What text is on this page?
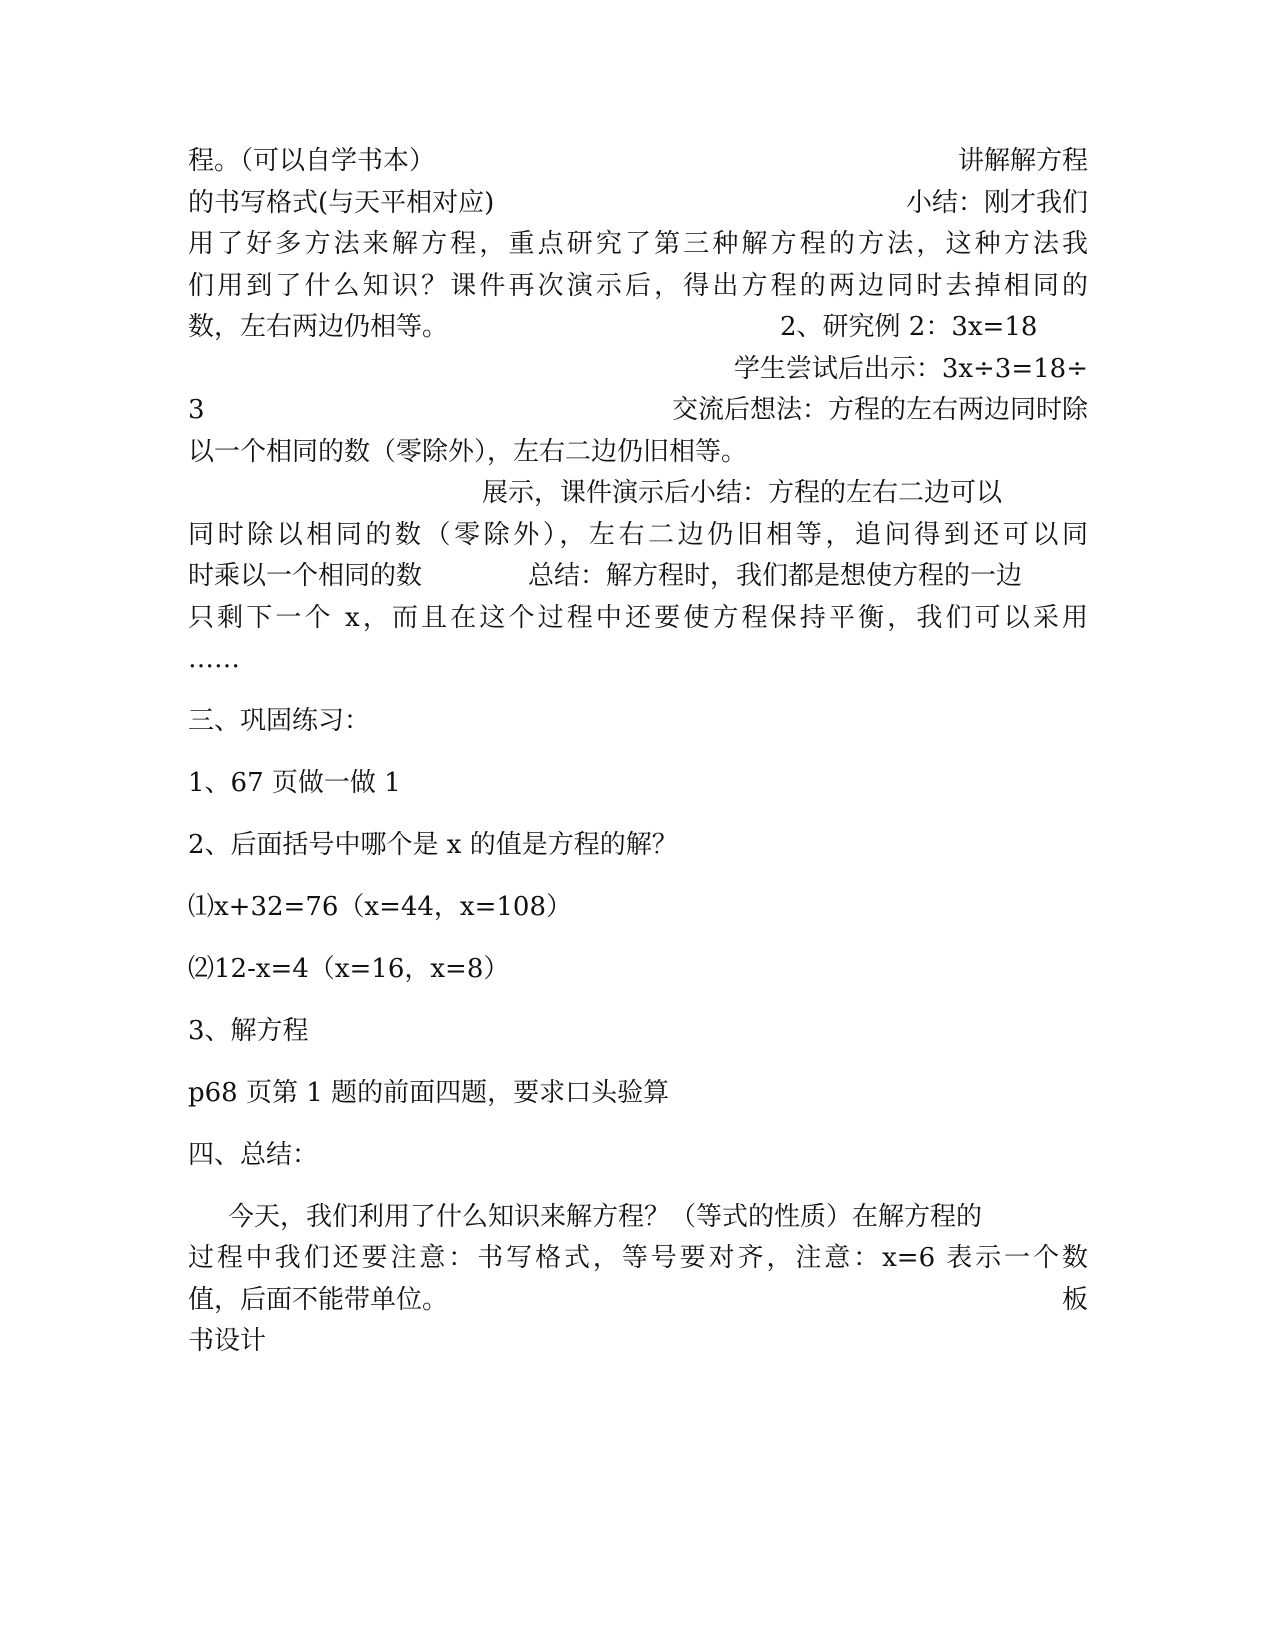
程。（可以自学书本）	讲解解方程
的书写格式(与天平相对应)	小结：刚才我们
用了好多方法来解方程，重点研究了第三种解方程的方法，这种方法我
们用到了什么知识？课件再次演示后，得出方程的两边同时去掉相同的
数，左右两边仍相等。	2、研究例 2：3x=18
学生尝试后出示：3x÷3=18÷
3	交流后想法：方程的左右两边同时除
以一个相同的数（零除外），左右二边仍旧相等。
展示，课件演示后小结：方程的左右二边可以
同时除以相同的数（零除外），左右二边仍旧相等，追问得到还可以同
时乘以一个相同的数	总结：解方程时，我们都是想使方程的一边
只剩下一个 x，而且在这个过程中还要使方程保持平衡，我们可以采用
……
三、巩固练习：
1、67 页做一做 1
2、后面括号中哪个是 x 的值是方程的解？
⑴x+32=76（x=44，x=108）
⑵12-x=4（x=16，x=8）
3、解方程
p68 页第 1 题的前面四题，要求口头验算
四、总结：
今天，我们利用了什么知识来解方程？（等式的性质）在解方程的
过程中我们还要注意：书写格式，等号要对齐，注意：x=6 表示一个数
值，后面不能带单位。	板
书设计
